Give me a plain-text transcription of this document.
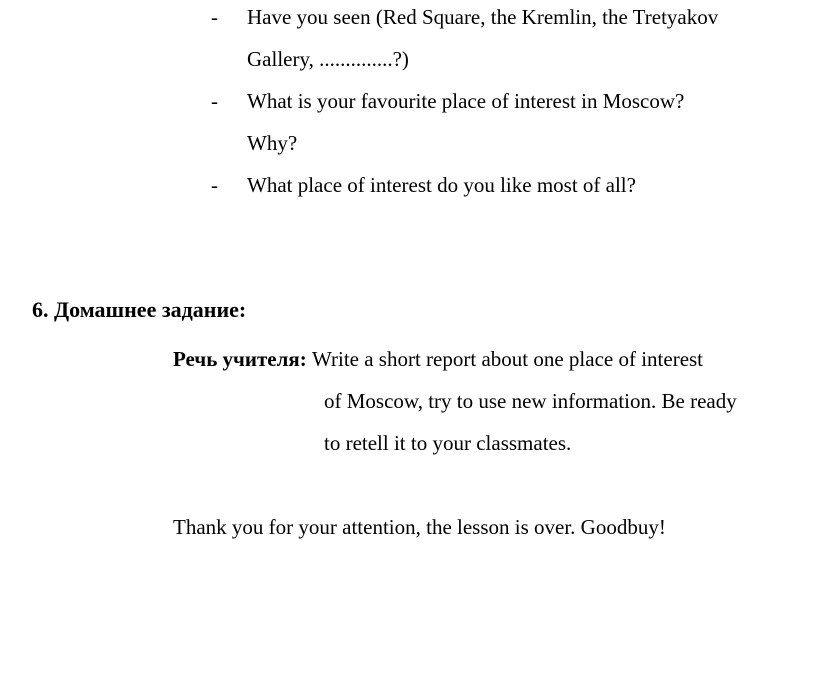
- Have you seen (Red Square, the Kremlin, the Tretyakov
Gallery, ..............?)
- What is your favourite place of interest in Moscow?
Why?
- What place of interest do you like most of all?
6. Домашнее задание:
Речь учителя: Write a short report about one place of interest
of Moscow, try to use new information. Be ready
to retell it to your classmates.
Thank you for your attention, the lesson is over. Goodbuy!
